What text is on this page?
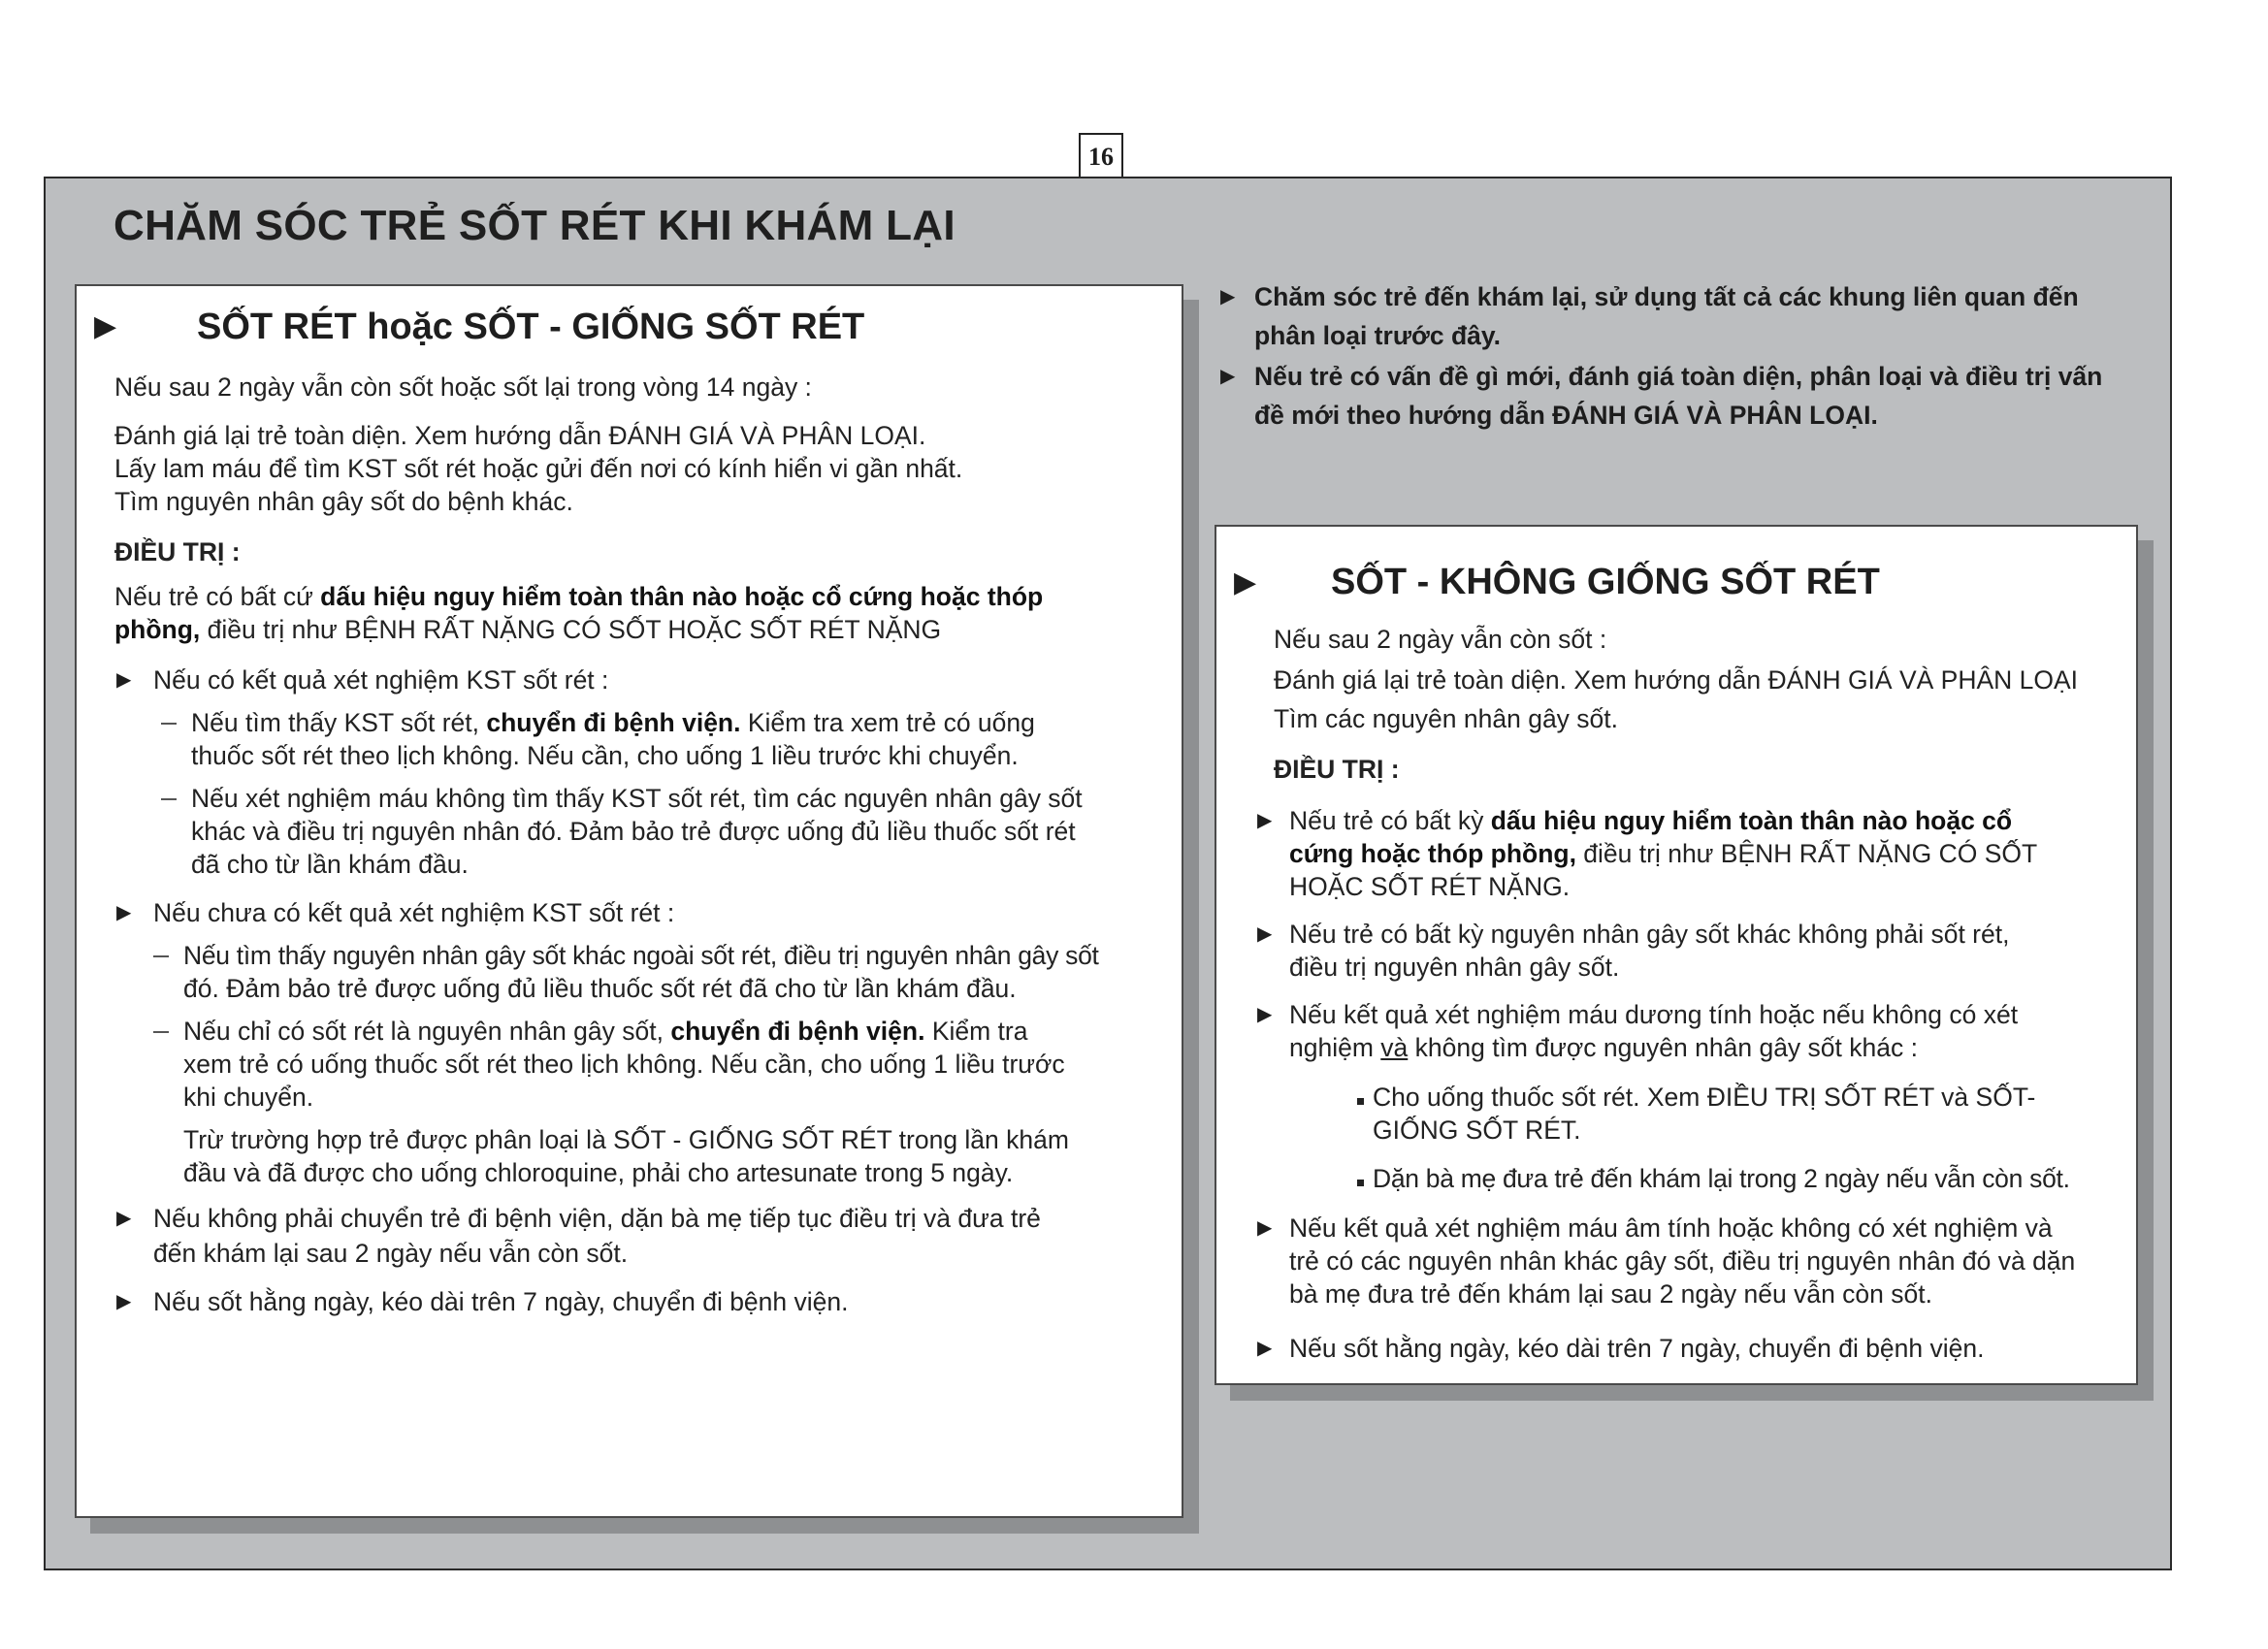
16
CHĂM SÓC TRẺ SỐT RÉT KHI KHÁM LẠI
▶ SỐT RÉT hoặc SỐT - GIỐNG SỐT RÉT

Nếu sau 2 ngày vẫn còn sốt hoặc sốt lại trong vòng 14 ngày :

Đánh giá lại trẻ toàn diện. Xem hướng dẫn ĐÁNH GIÁ VÀ PHÂN LOẠI.

Lấy lam máu để tìm KST sốt rét hoặc gửi đến nơi có kính hiển vi gần nhất.

Tìm nguyên nhân gây sốt do bệnh khác.

ĐIỀU TRỊ :

Nếu trẻ có bất cứ dấu hiệu nguy hiểm toàn thân nào hoặc cổ cứng hoặc thóp

phồng, điều trị như BỆNH RẤT NẶNG CÓ SỐT HOẶC SỐT RÉT NẶNG

▶ Nếu có kết quả xét nghiệm KST sốt rét :

Nếu tìm thấy KST sốt rét, chuyển đi bệnh viện. Kiểm tra xem trẻ có uống

thuốc sốt rét theo lịch không. Nếu cần, cho uống 1 liều trước khi chuyển.

Nếu xét nghiệm máu không tìm thấy KST sốt rét, tìm các nguyên nhân gây sốt

khác và điều trị nguyên nhân đó. Đảm bảo trẻ được uống đủ liều thuốc sốt rét

đã cho từ lần khám đầu.

▶ Nếu chưa có kết quả xét nghiệm KST sốt rét :

Nếu tìm thấy nguyên nhân gây sốt khác ngoài sốt rét, điều trị nguyên nhân gây sốt

đó. Đảm bảo trẻ được uống đủ liều thuốc sốt rét đã cho từ lần khám đầu.

Nếu chỉ có sốt rét là nguyên nhân gây sốt, chuyển đi bệnh viện. Kiểm tra

xem trẻ có uống thuốc sốt rét theo lịch không. Nếu cần, cho uống 1 liều trước

khi chuyển.

Trừ trường hợp trẻ được phân loại là SỐT - GIỐNG SỐT RÉT trong lần khám

đầu và đã được cho uống chloroquine, phải cho artesunate trong 5 ngày.

▶ Nếu không phải chuyển trẻ đi bệnh viện, dặn bà mẹ tiếp tục điều trị và đưa trẻ

đến khám lại sau 2 ngày nếu vẫn còn sốt.

▶ Nếu sốt hằng ngày, kéo dài trên 7 ngày, chuyển đi bệnh viện.

▶ Chăm sóc trẻ đến khám lại, sử dụng tất cả các khung liên quan đến

phân loại trước đây.

▶ Nếu trẻ có vấn đề gì mới, đánh giá toàn diện, phân loại và điều trị vấn

đề mới theo hướng dẫn ĐÁNH GIÁ VÀ PHÂN LOẠI.

▶ SỐT - KHÔNG GIỐNG SỐT RÉT

Nếu sau 2 ngày vẫn còn sốt :

Đánh giá lại trẻ toàn diện. Xem hướng dẫn ĐÁNH GIÁ VÀ PHÂN LOẠI

Tìm các nguyên nhân gây sốt.

ĐIỀU TRỊ :

▶ Nếu trẻ có bất kỳ dấu hiệu nguy hiểm toàn thân nào hoặc cổ

cứng hoặc thóp phồng, điều trị như BỆNH RẤT NẶNG CÓ SỐT

HOẶC SỐT RÉT NẶNG.

▶ Nếu trẻ có bất kỳ nguyên nhân gây sốt khác không phải sốt rét,

điều trị nguyên nhân gây sốt.

▶ Nếu kết quả xét nghiệm máu dương tính hoặc nếu không có xét

nghiệm và không tìm được nguyên nhân gây sốt khác :

Cho uống thuốc sốt rét. Xem ĐIỀU TRỊ SỐT RÉT và SỐT-

GIỐNG SỐT RÉT.

Dặn bà mẹ đưa trẻ đến khám lại trong 2 ngày nếu vẫn còn sốt.

▶ Nếu kết quả xét nghiệm máu âm tính hoặc không có xét nghiệm và

trẻ có các nguyên nhân khác gây sốt, điều trị nguyên nhân đó và dặn

bà mẹ đưa trẻ đến khám lại sau 2 ngày nếu vẫn còn sốt.

▶ Nếu sốt hằng ngày, kéo dài trên 7 ngày, chuyển đi bệnh viện.
